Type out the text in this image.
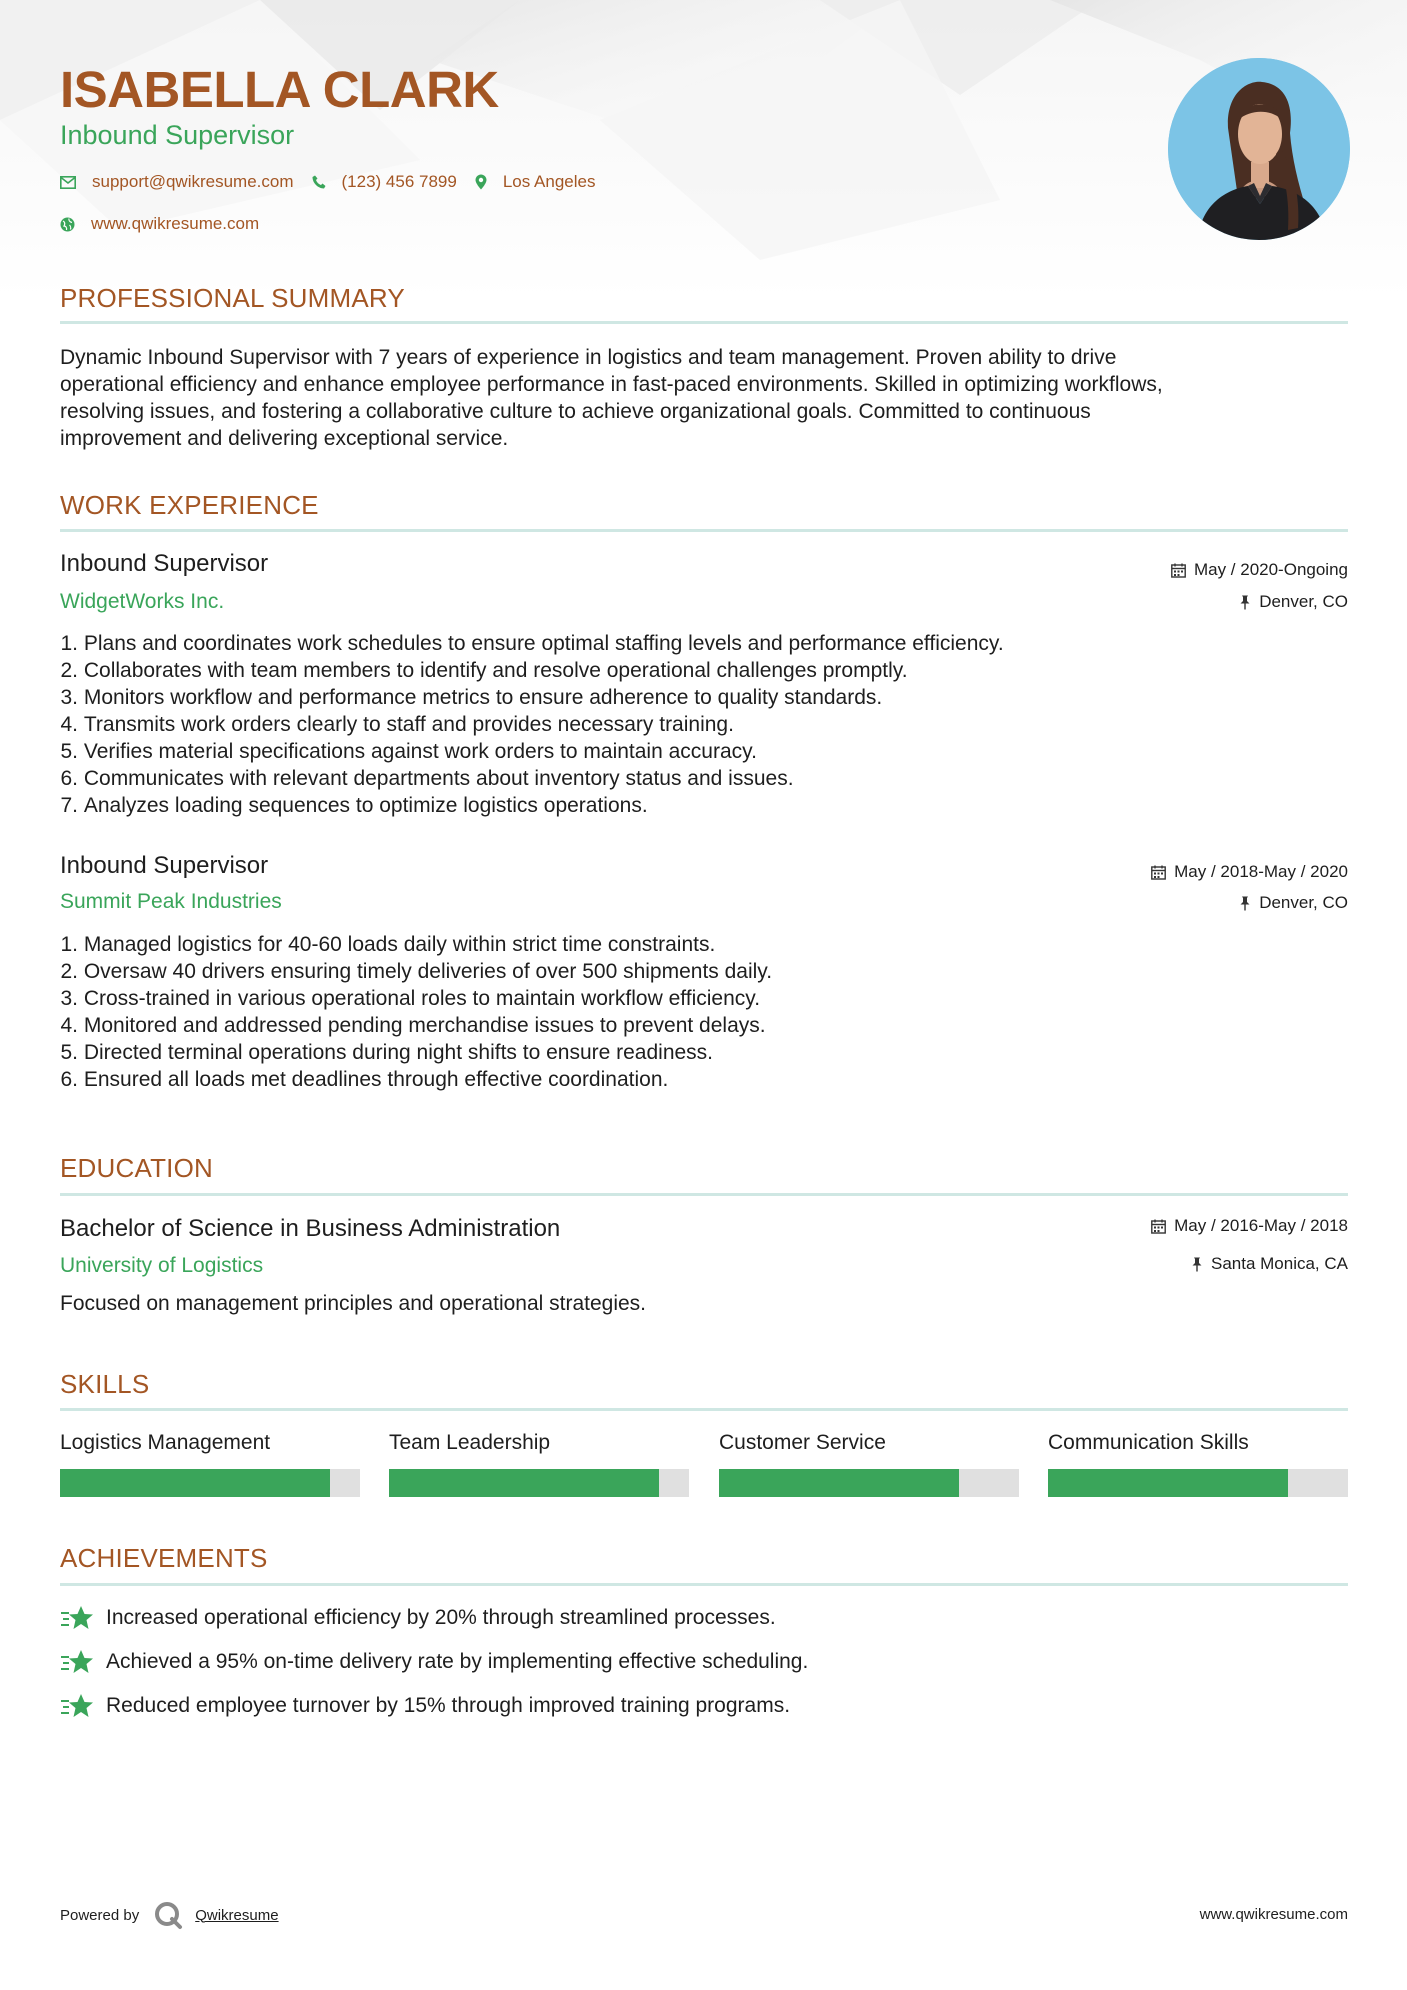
ISABELLA CLARK
Inbound Supervisor
support@qwikresume.com	(123) 456 7899	Los Angeles
www.qwikresume.com
PROFESSIONAL SUMMARY
Dynamic Inbound Supervisor with 7 years of experience in logistics and team management. Proven ability to drive
operational efficiency and enhance employee performance in fast-paced environments. Skilled in optimizing workflows,
resolving issues, and fostering a collaborative culture to achieve organizational goals. Committed to continuous
improvement and delivering exceptional service.
WORK EXPERIENCE
Inbound Supervisor
WidgetWorks Inc.
May / 2020-Ongoing
Denver, CO
1.
Plans and coordinates work schedules to ensure optimal staffing levels and performance efficiency.
2.
Collaborates with team members to identify and resolve operational challenges promptly.
3.
Monitors workflow and performance metrics to ensure adherence to quality standards.
4.
Transmits work orders clearly to staff and provides necessary training.
5.
Verifies material specifications against work orders to maintain accuracy.
6.
Communicates with relevant departments about inventory status and issues.
7.
Analyzes loading sequences to optimize logistics operations.
Inbound Supervisor
Summit Peak Industries
May / 2018-May / 2020
Denver, CO
1.
Managed logistics for 40-60 loads daily within strict time constraints.
2.
Oversaw 40 drivers ensuring timely deliveries of over 500 shipments daily.
3.
Cross-trained in various operational roles to maintain workflow efficiency.
4.
Monitored and addressed pending merchandise issues to prevent delays.
5.
Directed terminal operations during night shifts to ensure readiness.
6.
Ensured all loads met deadlines through effective coordination.
EDUCATION
Bachelor of Science in Business Administration
University of Logistics
May / 2016-May / 2018
Santa Monica, CA
Focused on management principles and operational strategies.
SKILLS
Logistics Management	Team Leadership	Customer Service	Communication Skills
ACHIEVEMENTS
Increased operational efficiency by 20% through streamlined processes.
Achieved a 95% on-time delivery rate by implementing effective scheduling.
Reduced employee turnover by 15% through improved training programs.
Powered by	Qwikresume	www.qwikresume.com
